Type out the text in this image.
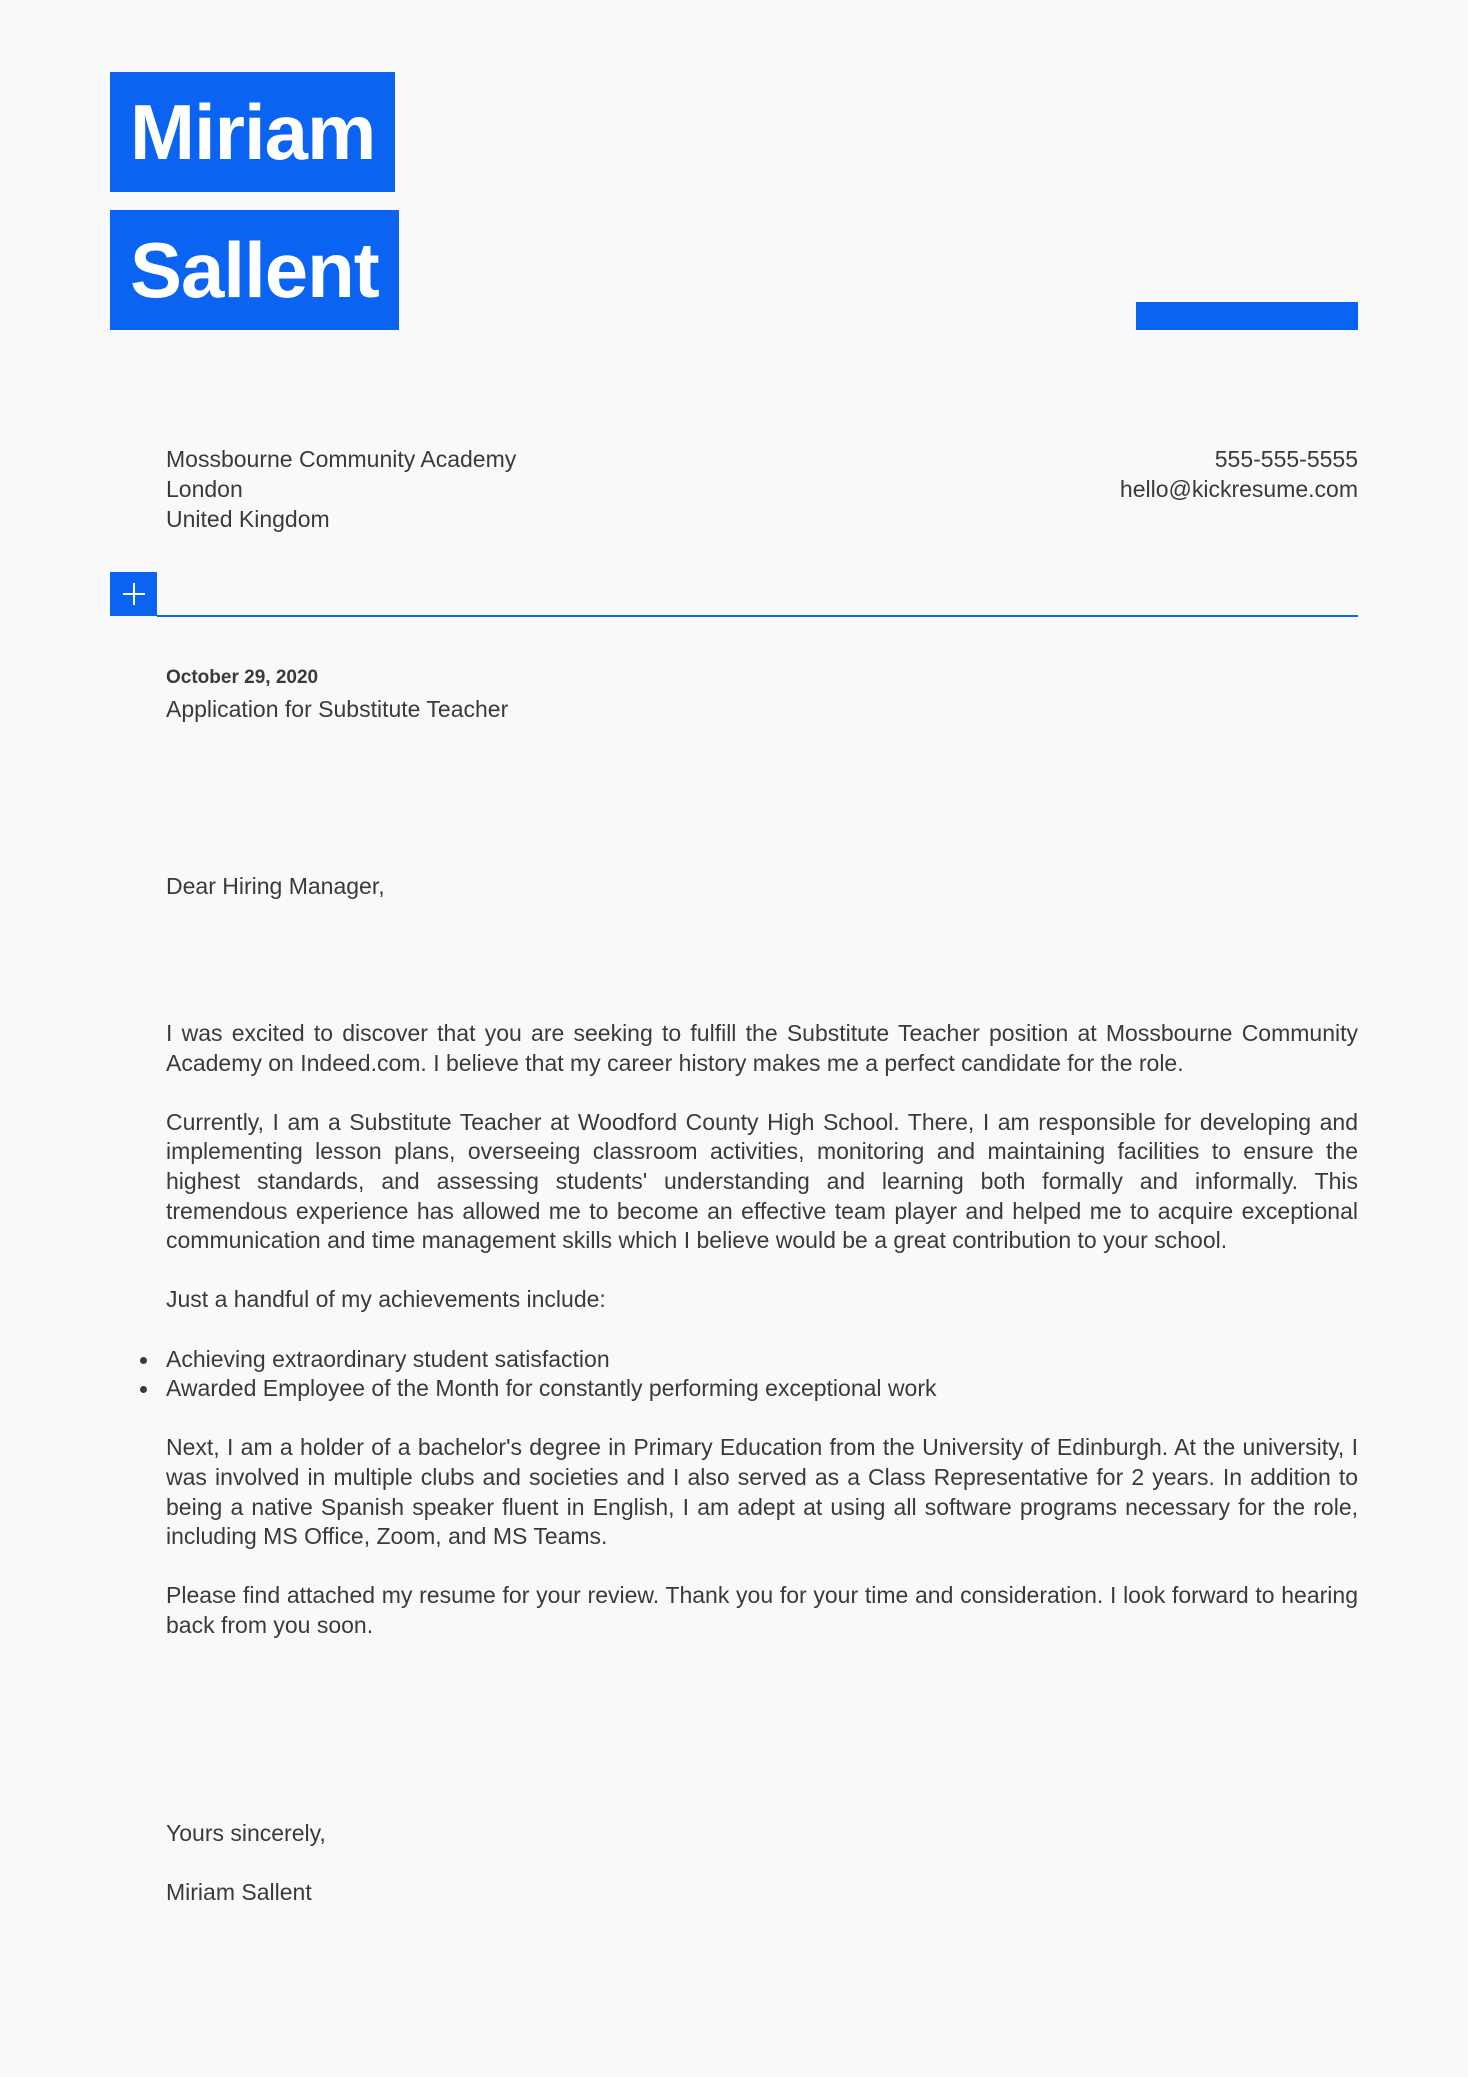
Miriam
Sallent
Mossbourne Community Academy
London
United Kingdom
555-555-5555
hello@kickresume.com
October 29, 2020
Application for Substitute Teacher
Dear Hiring Manager,

I was excited to discover that you are seeking to fulfill the Substitute Teacher position at Mossbourne Community Academy on Indeed.com. I believe that my career history makes me a perfect candidate for the role.

Currently, I am a Substitute Teacher at Woodford County High School. There, I am responsible for developing and implementing lesson plans, overseeing classroom activities, monitoring and maintaining facilities to ensure the highest standards, and assessing students' understanding and learning both formally and informally. This tremendous experience has allowed me to become an effective team player and helped me to acquire exceptional communication and time management skills which I believe would be a great contribution to your school.

Just a handful of my achievements include:

Achieving extraordinary student satisfaction
Awarded Employee of the Month for constantly performing exceptional work

Next, I am a holder of a bachelor's degree in Primary Education from the University of Edinburgh. At the university, I was involved in multiple clubs and societies and I also served as a Class Representative for 2 years. In addition to being a native Spanish speaker fluent in English, I am adept at using all software programs necessary for the role, including MS Office, Zoom, and MS Teams.

Please find attached my resume for your review. Thank you for your time and consideration. I look forward to hearing back from you soon.

Yours sincerely,
Miriam Sallent
